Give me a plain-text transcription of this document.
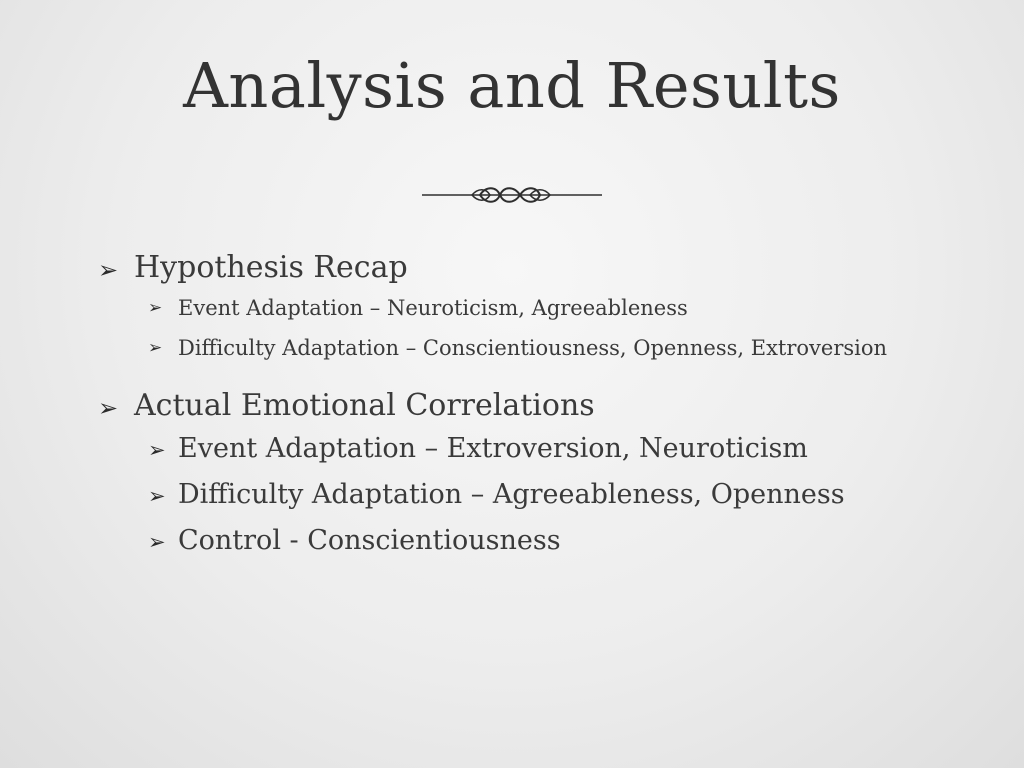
Analysis and Results
➢ Hypothesis Recap
➢ Event Adaptation – Neuroticism, Agreeableness
➢ Difficulty Adaptation – Conscientiousness, Openness, Extroversion
➢ Actual Emotional Correlations
➢ Event Adaptation – Extroversion, Neuroticism
➢ Difficulty Adaptation – Agreeableness, Openness
➢ Control - Conscientiousness
